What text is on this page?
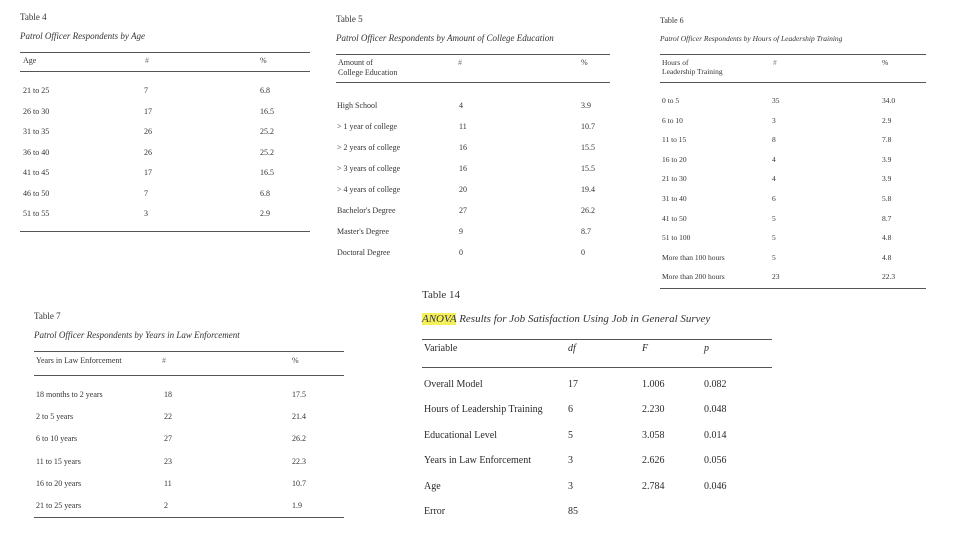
Table 4
Patrol Officer Respondents by Age
Age	#	%
21 to 25	7	6.8
26 to 30	17	16.5
31 to 35	26	25.2
36 to 40	26	25.2
41 to 45	17	16.5
46 to 50	7	6.8
51 to 55	3	2.9
Table 5
Patrol Officer Respondents by Amount of College Education
Amount of
College Education
#	%
High School	4	3.9
> 1 year of college	11	10.7
> 2 years of college	16	15.5
> 3 years of college	16	15.5
> 4 years of college	20	19.4
Bachelor's Degree	27	26.2
Master's Degree	9	8.7
Doctoral Degree	0	0
Table 6
Patrol Officer Respondents by Hours of Leadership Training
Hours of
Leadership Training
#	%
0 to 5	35	34.0
6 to 10	3	2.9
11 to 15	8	7.8
16 to 20	4	3.9
21 to 30	4	3.9
31 to 40	6	5.8
41 to 50	5	8.7
51 to 100	5	4.8
More than 100 hours	5	4.8
More than 200 hours	23	22.3
Table 7
Patrol Officer Respondents by Years in Law Enforcement
Years in Law Enforcement	#	%
18 months to 2 years	18	17.5
2 to 5 years	22	21.4
6 to 10 years	27	26.2
11 to 15 years	23	22.3
16 to 20 years	11	10.7
21 to 25 years	2	1.9
Table 14
ANOVA Results for Job Satisfaction Using Job in General Survey
Variable	df	F	p
Overall Model	17	1.006	0.082
Hours of Leadership Training	6	2.230	0.048
Educational Level	5	3.058	0.014
Years in Law Enforcement	3	2.626	0.056
Age	3	2.784	0.046
Error	85
